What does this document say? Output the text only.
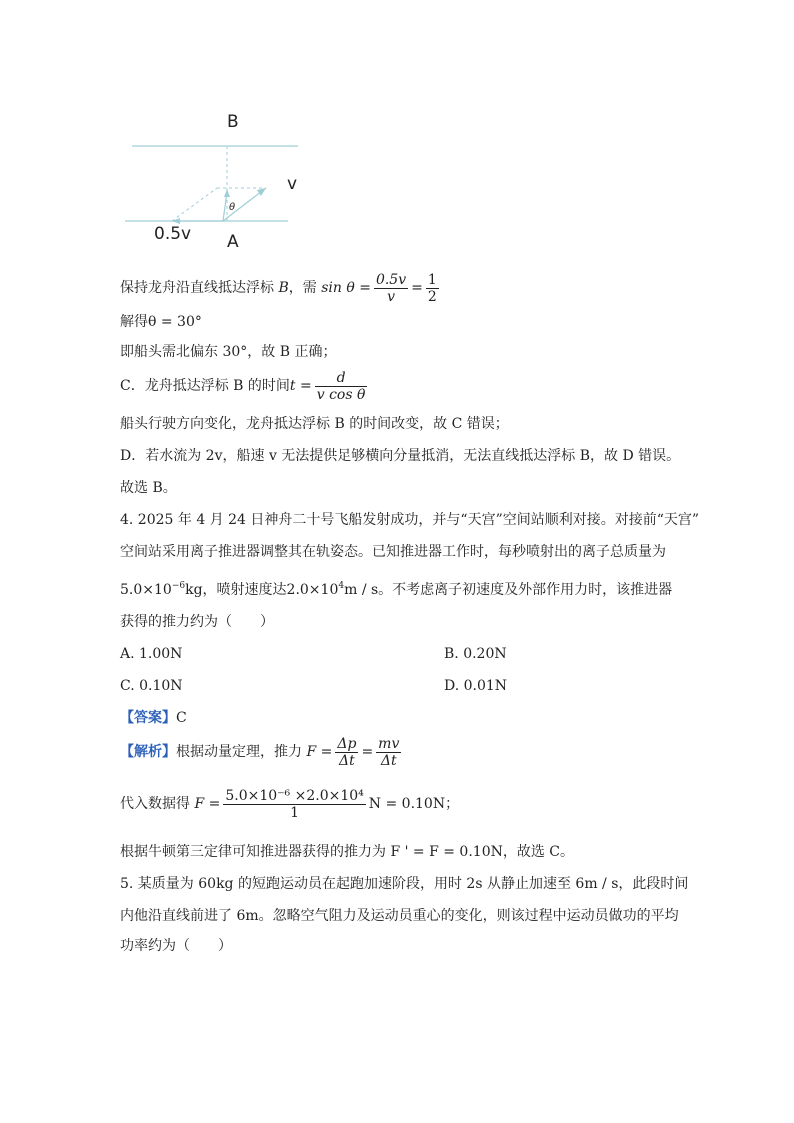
B
v
θ
0.5v A
保持龙舟沿直线抵达浮标 B，需 $\sin \theta = \frac{0.5v}{v} = \frac{1}{2}$
解得θ = 30°
即船头需北偏东 30°，故 B 正确；
C．龙舟抵达浮标 B 的时间$t = \frac{d}{\text{v cos θ}}$
船头行驶方向变化，龙舟抵达浮标 B 的时间改变，故 C 错误；
D．若水流为 2v，船速 v 无法提供足够横向分量抵消，无法直线抵达浮标 B，故 D 错误。
故选 B。
4. 2025 年 4 月 24 日神舟二十号飞船发射成功，并与“天宫”空间站顺利对接。对接前“天宫”
空间站采用离子推进器调整其在轨姿态。已知推进器工作时，每秒喷射出的离子总质量为
$5.0\times 10^{-6}kg$，喷射速度达$2.0\times 10^4m / s$。不考虑离子初速度及外部作用力时，该推进器
获得的推力约为（　　）
A. 1.00N	B. 0.20N
C. 0.10N	D. 0.01N
【答案】C
【解析】根据动量定理，推力 $F = \frac{\Delta p}{\Delta t} = \frac{mv}{\Delta t}$
代入数据得 $F = \frac{\text{5.0×10⁻⁶ ×2.0×10⁴}}{1}$ N = 0.10N；
根据牛顿第三定律可知推进器获得的推力为 F ' = F = 0.10N，故选 C。
5. 某质量为 60kg 的短跑运动员在起跑加速阶段，用时 2s 从静止加速至 6m / s，此段时间
内他沿直线前进了 6m。忽略空气阻力及运动员重心的变化，则该过程中运动员做功的平均
功率约为（　　）
